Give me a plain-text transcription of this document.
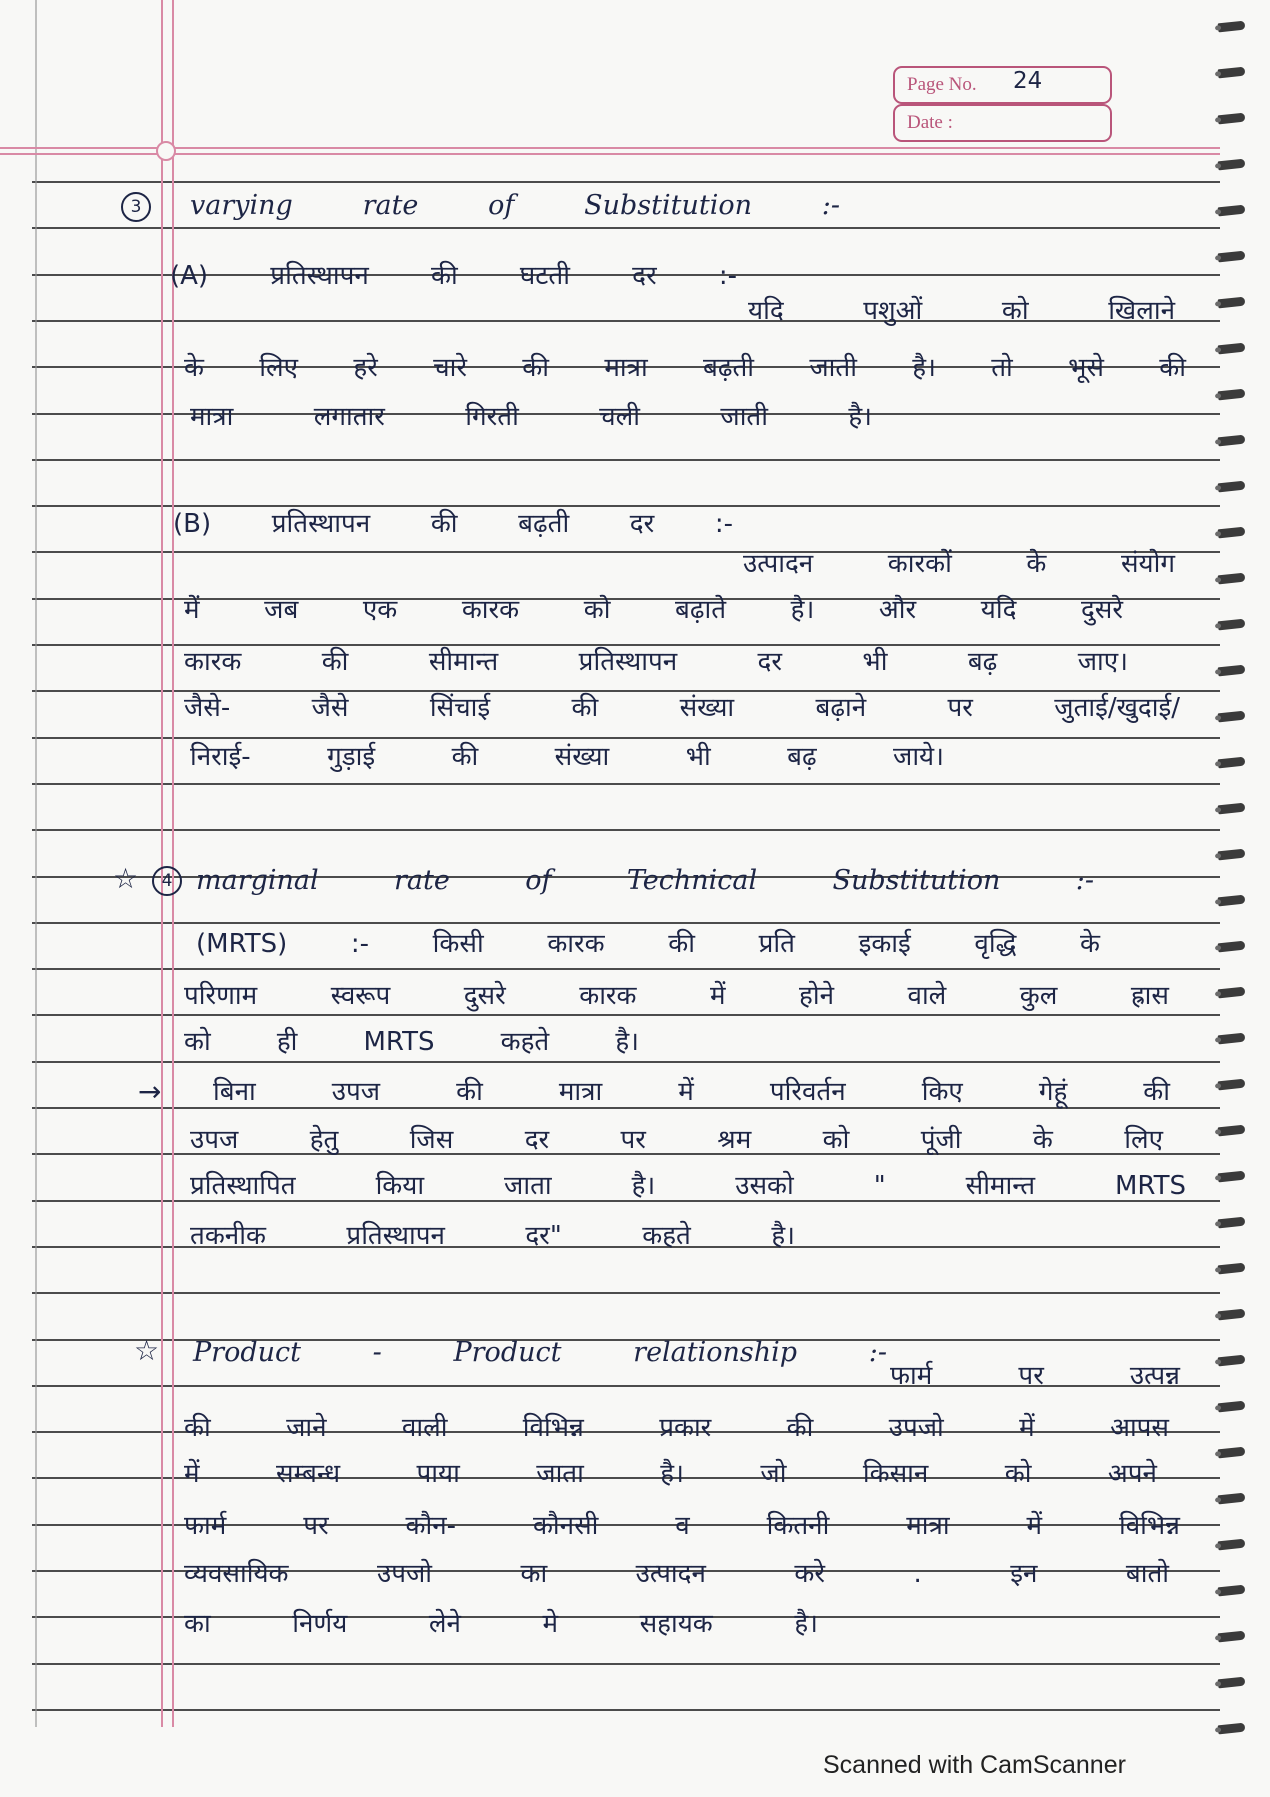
Page No. 24
Date :
3	varying rate of Substitution :-
(A) प्रतिस्थापन की घटती दर :-
यदि पशुओं को खिलाने
के लिए हरे चारे की मात्रा बढ़ती जाती है। तो भूसे की
मात्रा लगातार गिरती चली जाती है।
(B) प्रतिस्थापन की बढ़ती दर :-
उत्पादन कारकों के संयोग
में जब एक कारक को बढ़ाते है। और यदि दुसरे
कारक की सीमान्त प्रतिस्थापन दर भी बढ़ जाए।
जैसे- जैसे सिंचाई की संख्या बढ़ाने पर जुताई/खुदाई/
निराई- गुड़ाई की संख्या भी बढ़ जाये।
☆	4 marginal rate of Technical Substitution :-
(MRTS) :- किसी कारक की प्रति इकाई वृद्धि के
परिणाम स्वरूप दुसरे कारक में होने वाले कुल ह्रास
को ही MRTS कहते है।
→ बिना उपज की मात्रा में परिवर्तन किए गेहूं की
उपज हेतु जिस दर पर श्रम को पूंजी के लिए
प्रतिस्थापित किया जाता है। उसको " सीमान्त MRTS
तकनीक प्रतिस्थापन दर" कहते है।
☆ Product - Product relationship :-
फार्म पर उत्पन्न
की जाने वाली विभिन्न प्रकार की उपजो में आपस
में सम्बन्ध पाया जाता है। जो किसान को अपने
फार्म पर कौन- कौनसी व कितनी मात्रा में विभिन्न
व्यवसायिक उपजो का उत्पादन करे . इन बातो
का निर्णय लेने मे सहायक है।
Scanned with CamScanner
